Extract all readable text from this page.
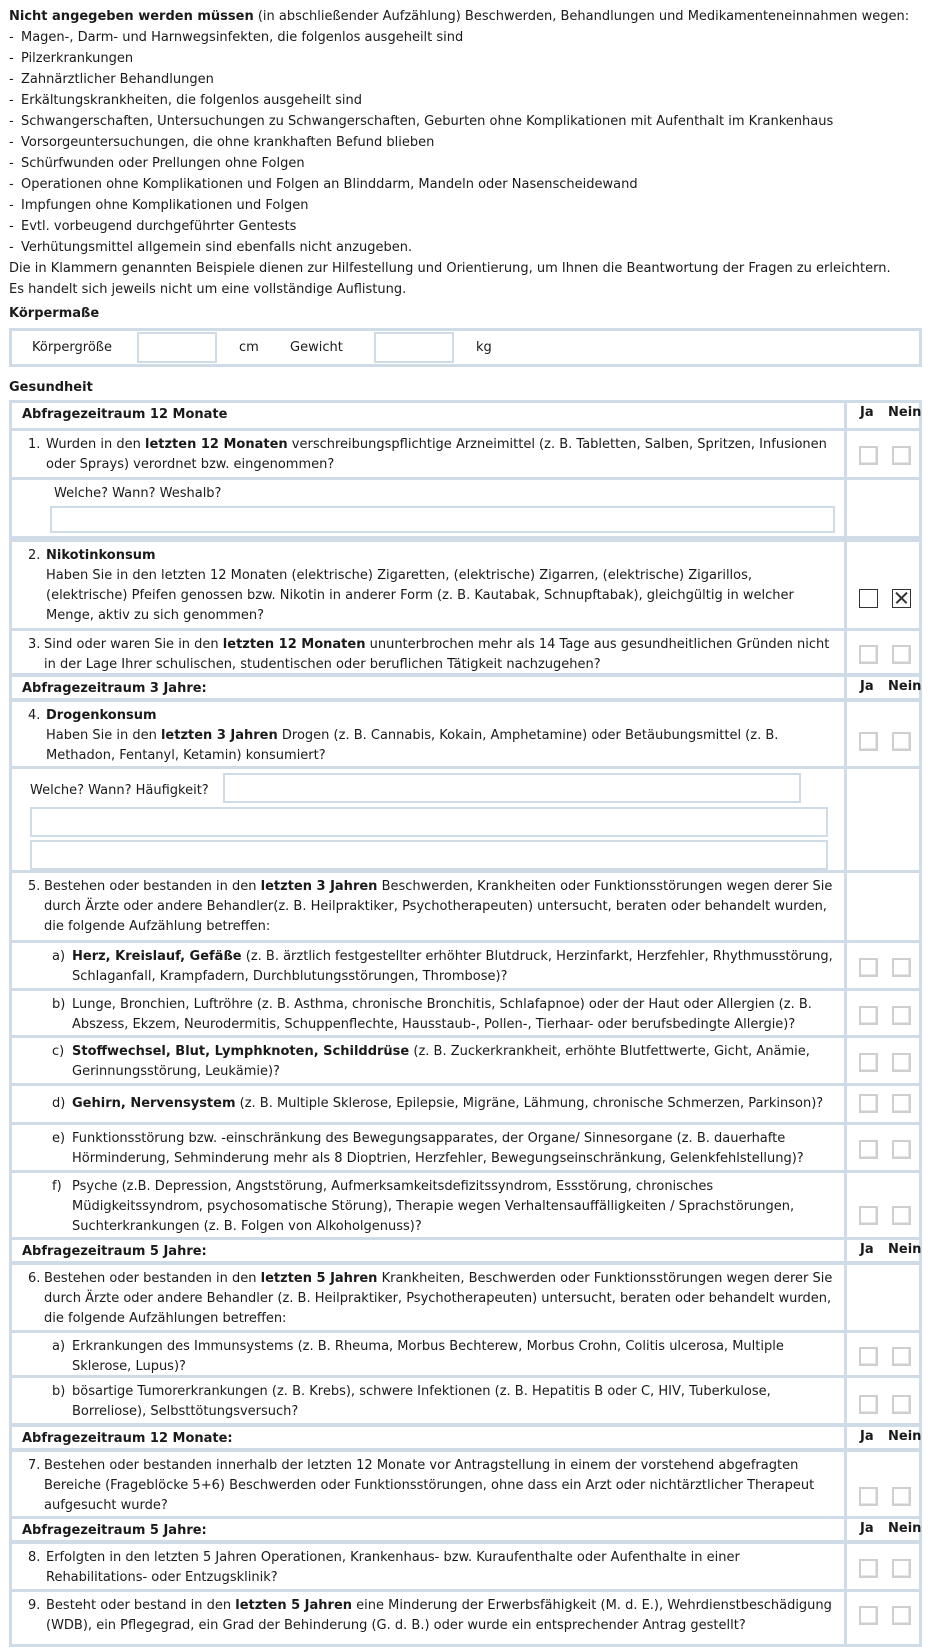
Nicht angegeben werden müssen (in abschließender Aufzählung) Beschwerden, Behandlungen und Medikamenteneinnahmen wegen:
- Magen-, Darm- und Harnwegsinfekten, die folgenlos ausgeheilt sind
- Pilzerkrankungen
- Zahnärztlicher Behandlungen
- Erkältungskrankheiten, die folgenlos ausgeheilt sind
- Schwangerschaften, Untersuchungen zu Schwangerschaften, Geburten ohne Komplikationen mit Aufenthalt im Krankenhaus
- Vorsorgeuntersuchungen, die ohne krankhaften Befund blieben
- Schürfwunden oder Prellungen ohne Folgen
- Operationen ohne Komplikationen und Folgen an Blinddarm, Mandeln oder Nasenscheidewand
- Impfungen ohne Komplikationen und Folgen
- Evtl. vorbeugend durchgeführter Gentests
- Verhütungsmittel allgemein sind ebenfalls nicht anzugeben.
Die in Klammern genannten Beispiele dienen zur Hilfestellung und Orientierung, um Ihnen die Beantwortung der Fragen zu erleichtern.
Es handelt sich jeweils nicht um eine vollständige Auflistung.
Körpermaße
Körpergröße	cm Gewicht	kg
Gesundheit
Abfragezeitraum 12 Monate	Ja Nein
1. Wurden in den letzten 12 Monaten verschreibungspflichtige Arzneimittel (z. B. Tabletten, Salben, Spritzen, Infusionen oder Sprays) verordnet bzw. eingenommen?
Welche? Wann? Weshalb?
2. Nikotinkonsum
Haben Sie in den letzten 12 Monaten (elektrische) Zigaretten, (elektrische) Zigarren, (elektrische) Zigarillos, (elektrische) Pfeifen genossen bzw. Nikotin in anderer Form (z. B. Kautabak, Schnupftabak), gleichgültig in welcher Menge, aktiv zu sich genommen?
3. Sind oder waren Sie in den letzten 12 Monaten ununterbrochen mehr als 14 Tage aus gesundheitlichen Gründen nicht in der Lage Ihrer schulischen, studentischen oder beruflichen Tätigkeit nachzugehen?
Abfragezeitraum 3 Jahre:	Ja Nein
4. Drogenkonsum
Haben Sie in den letzten 3 Jahren Drogen (z. B. Cannabis, Kokain, Amphetamine) oder Betäubungsmittel (z. B. Methadon, Fentanyl, Ketamin) konsumiert?
Welche? Wann? Häufigkeit?
5. Bestehen oder bestanden in den letzten 3 Jahren Beschwerden, Krankheiten oder Funktionsstörungen wegen derer Sie durch Ärzte oder andere Behandler(z. B. Heilpraktiker, Psychotherapeuten) untersucht, beraten oder behandelt wurden, die folgende Aufzählung betreffen:
a) Herz, Kreislauf, Gefäße (z. B. ärztlich festgestellter erhöhter Blutdruck, Herzinfarkt, Herzfehler, Rhythmusstörung, Schlaganfall, Krampfadern, Durchblutungsstörungen, Thrombose)?
b) Lunge, Bronchien, Luftröhre (z. B. Asthma, chronische Bronchitis, Schlafapnoe) oder der Haut oder Allergien (z. B. Abszess, Ekzem, Neurodermitis, Schuppenflechte, Hausstaub-, Pollen-, Tierhaar- oder berufsbedingte Allergie)?
c) Stoffwechsel, Blut, Lymphknoten, Schilddrüse (z. B. Zuckerkrankheit, erhöhte Blutfettwerte, Gicht, Anämie, Gerinnungsstörung, Leukämie)?
d) Gehirn, Nervensystem (z. B. Multiple Sklerose, Epilepsie, Migräne, Lähmung, chronische Schmerzen, Parkinson)?
e) Funktionsstörung bzw. -einschränkung des Bewegungsapparates, der Organe/ Sinnesorgane (z. B. dauerhafte Hörminderung, Sehminderung mehr als 8 Dioptrien, Herzfehler, Bewegungseinschränkung, Gelenkfehlstellung)?
f) Psyche (z.B. Depression, Angststörung, Aufmerksamkeitsdefizitssyndrom, Essstörung, chronisches Müdigkeitssyndrom, psychosomatische Störung), Therapie wegen Verhaltensauffälligkeiten / Sprachstörungen, Suchterkrankungen (z. B. Folgen von Alkoholgenuss)?
Abfragezeitraum 5 Jahre:	Ja Nein
6. Bestehen oder bestanden in den letzten 5 Jahren Krankheiten, Beschwerden oder Funktionsstörungen wegen derer Sie durch Ärzte oder andere Behandler (z. B. Heilpraktiker, Psychotherapeuten) untersucht, beraten oder behandelt wurden, die folgende Aufzählungen betreffen:
a) Erkrankungen des Immunsystems (z. B. Rheuma, Morbus Bechterew, Morbus Crohn, Colitis ulcerosa, Multiple Sklerose, Lupus)?
b) bösartige Tumorerkrankungen (z. B. Krebs), schwere Infektionen (z. B. Hepatitis B oder C, HIV, Tuberkulose, Borreliose), Selbsttötungsversuch?
Abfragezeitraum 12 Monate:	Ja Nein
7. Bestehen oder bestanden innerhalb der letzten 12 Monate vor Antragstellung in einem der vorstehend abgefragten Bereiche (Frageblöcke 5+6) Beschwerden oder Funktionsstörungen, ohne dass ein Arzt oder nichtärztlicher Therapeut aufgesucht wurde?
Abfragezeitraum 5 Jahre:	Ja Nein
8. Erfolgten in den letzten 5 Jahren Operationen, Krankenhaus- bzw. Kuraufenthalte oder Aufenthalte in einer Rehabilitations- oder Entzugsklinik?
9. Besteht oder bestand in den letzten 5 Jahren eine Minderung der Erwerbsfähigkeit (M. d. E.), Wehrdienstbeschädigung (WDB), ein Pflegegrad, ein Grad der Behinderung (G. d. B.) oder wurde ein entsprechender Antrag gestellt?
